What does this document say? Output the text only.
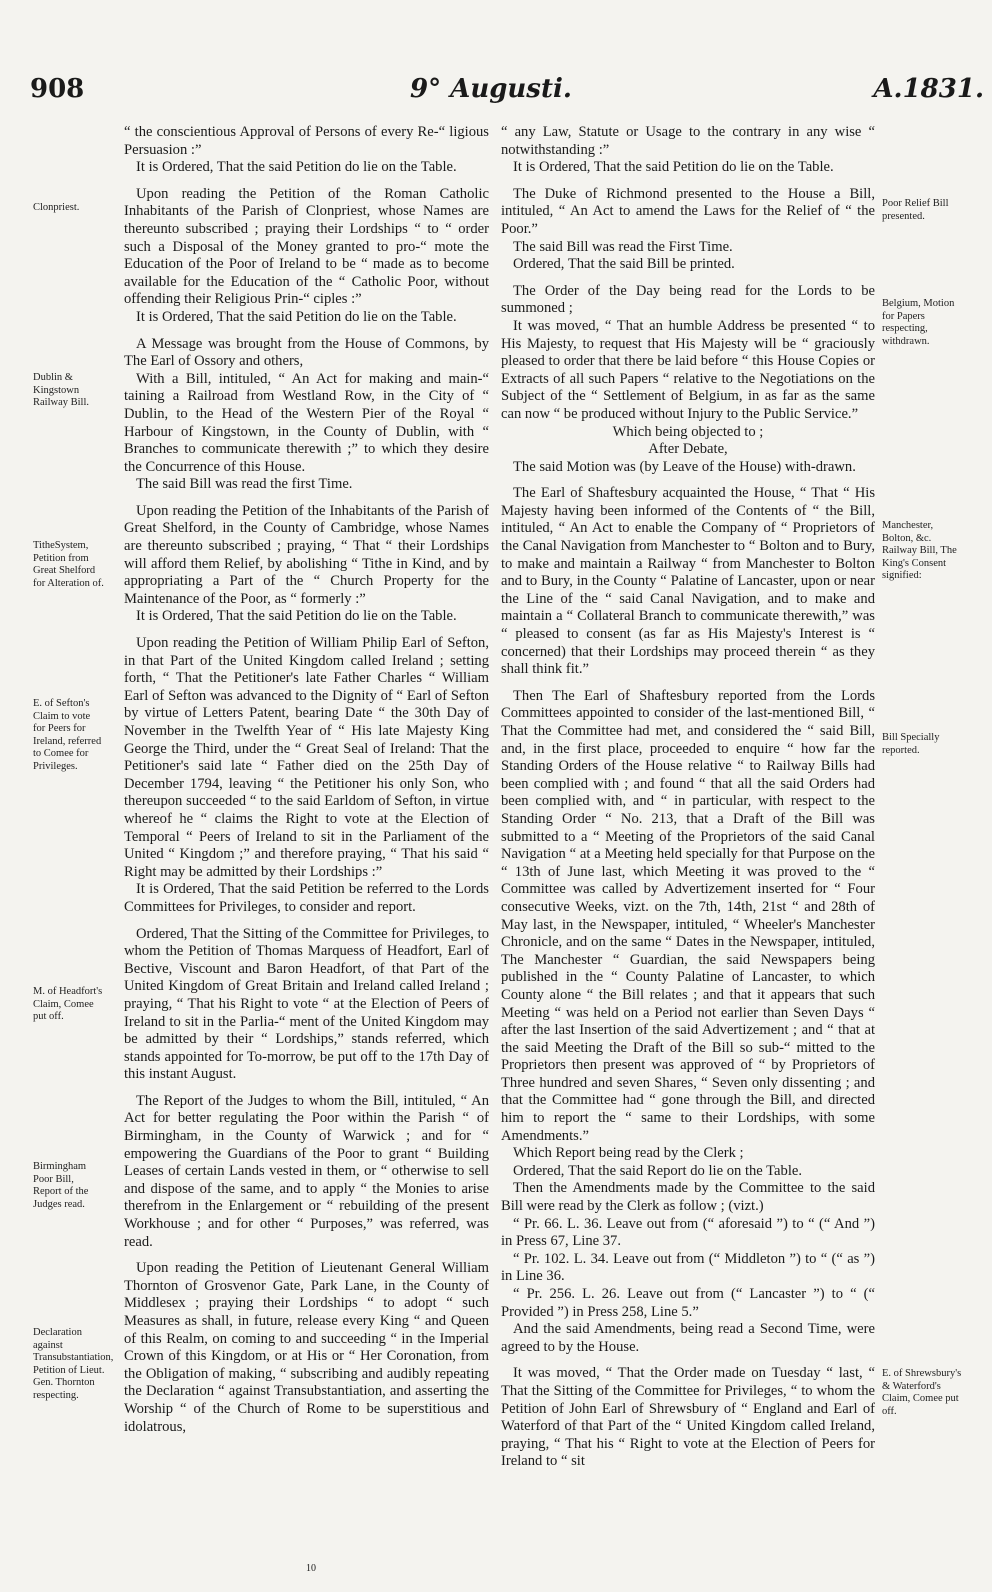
908	9° Augusti.	A.1831.
Clonpriest.
Dublin & Kingstown Railway Bill.
TitheSystem, Petition from Great Shelford for Alteration of.
E. of Sefton's Claim to vote for Peers for Ireland, referred to Comee for Privileges.
M. of Headfort's Claim, Comee put off.
Birmingham Poor Bill, Report of the Judges read.
Declaration against Transubstantiation, Petition of Lieut. Gen. Thornton respecting.
Poor Relief Bill presented.
Belgium, Motion for Papers respecting, withdrawn.
Manchester, Bolton, &c. Railway Bill, The King's Consent signified:
Bill Specially reported.
E. of Shrewsbury's & Waterford's Claim, Comee put off.

“ the conscientious Approval of Persons of every Re-“ ligious Persuasion :”

It is Ordered, That the said Petition do lie on the Table.

Upon reading the Petition of the Roman Catholic Inhabitants of the Parish of Clonpriest, whose Names are thereunto subscribed ; praying their Lordships “ to “ order such a Disposal of the Money granted to pro-“ mote the Education of the Poor of Ireland to be “ made as to become available for the Education of the “ Catholic Poor, without offending their Religious Prin-“ ciples :”

It is Ordered, That the said Petition do lie on the Table.

A Message was brought from the House of Commons, by The Earl of Ossory and others,

With a Bill, intituled, “ An Act for making and main-“ taining a Railroad from Westland Row, in the City of “ Dublin, to the Head of the Western Pier of the Royal “ Harbour of Kingstown, in the County of Dublin, with “ Branches to communicate therewith ;” to which they desire the Concurrence of this House.

The said Bill was read the first Time.

Upon reading the Petition of the Inhabitants of the Parish of Great Shelford, in the County of Cambridge, whose Names are thereunto subscribed ; praying, “ That “ their Lordships will afford them Relief, by abolishing “ Tithe in Kind, and by appropriating a Part of the “ Church Property for the Maintenance of the Poor, as “ formerly :”

It is Ordered, That the said Petition do lie on the Table.

Upon reading the Petition of William Philip Earl of Sefton, in that Part of the United Kingdom called Ireland ; setting forth, “ That the Petitioner's late Father Charles “ William Earl of Sefton was advanced to the Dignity of “ Earl of Sefton by virtue of Letters Patent, bearing Date “ the 30th Day of November in the Twelfth Year of “ His late Majesty King George the Third, under the “ Great Seal of Ireland: That the Petitioner's said late “ Father died on the 25th Day of December 1794, leaving “ the Petitioner his only Son, who thereupon succeeded “ to the said Earldom of Sefton, in virtue whereof he “ claims the Right to vote at the Election of Temporal “ Peers of Ireland to sit in the Parliament of the United “ Kingdom ;” and therefore praying, “ That his said “ Right may be admitted by their Lordships :”

It is Ordered, That the said Petition be referred to the Lords Committees for Privileges, to consider and report.

Ordered, That the Sitting of the Committee for Privileges, to whom the Petition of Thomas Marquess of Headfort, Earl of Bective, Viscount and Baron Headfort, of that Part of the United Kingdom of Great Britain and Ireland called Ireland ; praying, “ That his Right to vote “ at the Election of Peers of Ireland to sit in the Parlia-“ ment of the United Kingdom may be admitted by their “ Lordships,” stands referred, which stands appointed for To-morrow, be put off to the 17th Day of this instant August.

The Report of the Judges to whom the Bill, intituled, “ An Act for better regulating the Poor within the Parish “ of Birmingham, in the County of Warwick ; and for “ empowering the Guardians of the Poor to grant “ Building Leases of certain Lands vested in them, or “ otherwise to sell and dispose of the same, and to apply “ the Monies to arise therefrom in the Enlargement or “ rebuilding of the present Workhouse ; and for other “ Purposes,” was referred, was read.

Upon reading the Petition of Lieutenant General William Thornton of Grosvenor Gate, Park Lane, in the County of Middlesex ; praying their Lordships “ to adopt “ such Measures as shall, in future, release every King “ and Queen of this Realm, on coming to and succeeding “ in the Imperial Crown of this Kingdom, or at His or “ Her Coronation, from the Obligation of making, “ subscribing and audibly repeating the Declaration “ against Transubstantiation, and asserting the Worship “ of the Church of Rome to be superstitious and idolatrous,

“ any Law, Statute or Usage to the contrary in any wise “ notwithstanding :”

It is Ordered, That the said Petition do lie on the Table.

The Duke of Richmond presented to the House a Bill, intituled, “ An Act to amend the Laws for the Relief of “ the Poor.”

The said Bill was read the First Time.

Ordered, That the said Bill be printed.

The Order of the Day being read for the Lords to be summoned ;

It was moved, “ That an humble Address be presented “ to His Majesty, to request that His Majesty will be “ graciously pleased to order that there be laid before “ this House Copies or Extracts of all such Papers “ relative to the Negotiations on the Subject of the “ Settlement of Belgium, in as far as the same can now “ be produced without Injury to the Public Service.”

Which being objected to ;

After Debate,

The said Motion was (by Leave of the House) with-drawn.

The Earl of Shaftesbury acquainted the House, “ That “ His Majesty having been informed of the Contents of “ the Bill, intituled, “ An Act to enable the Company of “ Proprietors of the Canal Navigation from Manchester to “ Bolton and to Bury, to make and maintain a Railway “ from Manchester to Bolton and to Bury, in the County “ Palatine of Lancaster, upon or near the Line of the “ said Canal Navigation, and to make and maintain a “ Collateral Branch to communicate therewith,” was “ pleased to consent (as far as His Majesty's Interest is “ concerned) that their Lordships may proceed therein “ as they shall think fit.”

Then The Earl of Shaftesbury reported from the Lords Committees appointed to consider of the last-mentioned Bill, “ That the Committee had met, and considered the “ said Bill, and, in the first place, proceeded to enquire “ how far the Standing Orders of the House relative “ to Railway Bills had been complied with ; and found “ that all the said Orders had been complied with, and “ in particular, with respect to the Standing Order “ No. 213, that a Draft of the Bill was submitted to a “ Meeting of the Proprietors of the said Canal Navigation “ at a Meeting held specially for that Purpose on the “ 13th of June last, which Meeting it was proved to the “ Committee was called by Advertizement inserted for “ Four consecutive Weeks, vizt. on the 7th, 14th, 21st “ and 28th of May last, in the Newspaper, intituled, “ Wheeler's Manchester Chronicle, and on the same “ Dates in the Newspaper, intituled, The Manchester “ Guardian, the said Newspapers being published in the “ County Palatine of Lancaster, to which County alone “ the Bill relates ; and that it appears that such Meeting “ was held on a Period not earlier than Seven Days “ after the last Insertion of the said Advertizement ; and “ that at the said Meeting the Draft of the Bill so sub-“ mitted to the Proprietors then present was approved of “ by Proprietors of Three hundred and seven Shares, “ Seven only dissenting ; and that the Committee had “ gone through the Bill, and directed him to report the “ same to their Lordships, with some Amendments.”

Which Report being read by the Clerk ;

Ordered, That the said Report do lie on the Table.

Then the Amendments made by the Committee to the said Bill were read by the Clerk as follow ; (vizt.)

“ Pr. 66. L. 36. Leave out from (“ aforesaid ”) to “ (“ And ”) in Press 67, Line 37.

“ Pr. 102. L. 34. Leave out from (“ Middleton ”) to “ (“ as ”) in Line 36.

“ Pr. 256. L. 26. Leave out from (“ Lancaster ”) to “ (“ Provided ”) in Press 258, Line 5.”

And the said Amendments, being read a Second Time, were agreed to by the House.

It was moved, “ That the Order made on Tuesday “ last, “ That the Sitting of the Committee for Privileges, “ to whom the Petition of John Earl of Shrewsbury of “ England and Earl of Waterford of that Part of the “ United Kingdom called Ireland, praying, “ That his “ Right to vote at the Election of Peers for Ireland to “ sit

10
